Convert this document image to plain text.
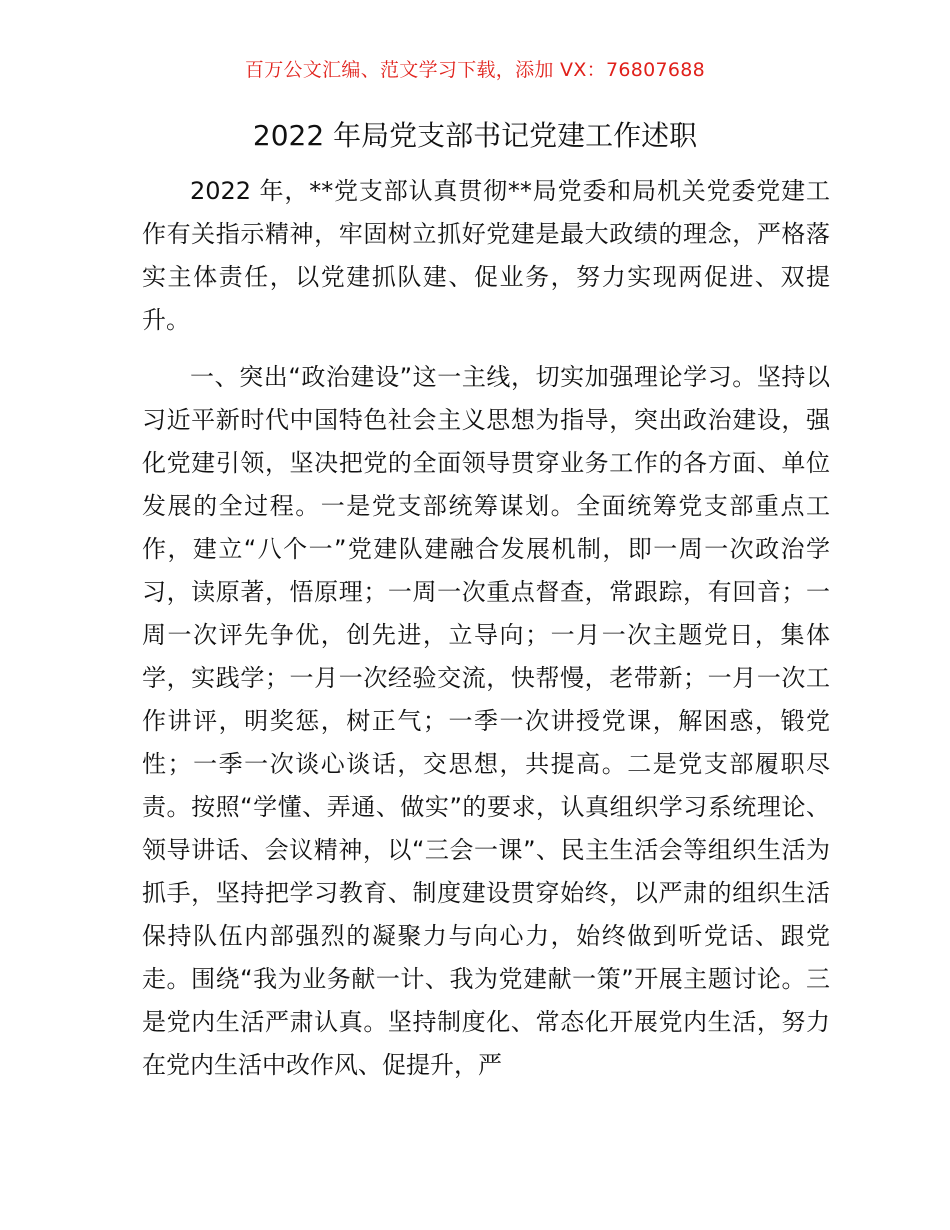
百万公文汇编、范文学习下载，添加 VX：76807688
2022 年局党支部书记党建工作述职

2022 年，**党支部认真贯彻**局党委和局机关党委党建工作有关指示精神，牢固树立抓好党建是最大政绩的理念，严格落实主体责任，以党建抓队建、促业务，努力实现两促进、双提升。

一、突出“政治建设”这一主线，切实加强理论学习。坚持以习近平新时代中国特色社会主义思想为指导，突出政治建设，强化党建引领，坚决把党的全面领导贯穿业务工作的各方面、单位发展的全过程。一是党支部统筹谋划。全面统筹党支部重点工作，建立“八个一”党建队建融合发展机制，即一周一次政治学习，读原著，悟原理；一周一次重点督查，常跟踪，有回音；一周一次评先争优，创先进，立导向；一月一次主题党日，集体学，实践学；一月一次经验交流，快帮慢，老带新；一月一次工作讲评，明奖惩，树正气；一季一次讲授党课，解困惑，锻党性；一季一次谈心谈话，交思想，共提高。二是党支部履职尽责。按照“学懂、弄通、做实”的要求，认真组织学习系统理论、领导讲话、会议精神，以“三会一课”、民主生活会等组织生活为抓手，坚持把学习教育、制度建设贯穿始终，以严肃的组织生活保持队伍内部强烈的凝聚力与向心力，始终做到听党话、跟党走。围绕“我为业务献一计、我为党建献一策”开展主题讨论。三是党内生活严肃认真。坚持制度化、常态化开展党内生活，努力在党内生活中改作风、促提升，严
